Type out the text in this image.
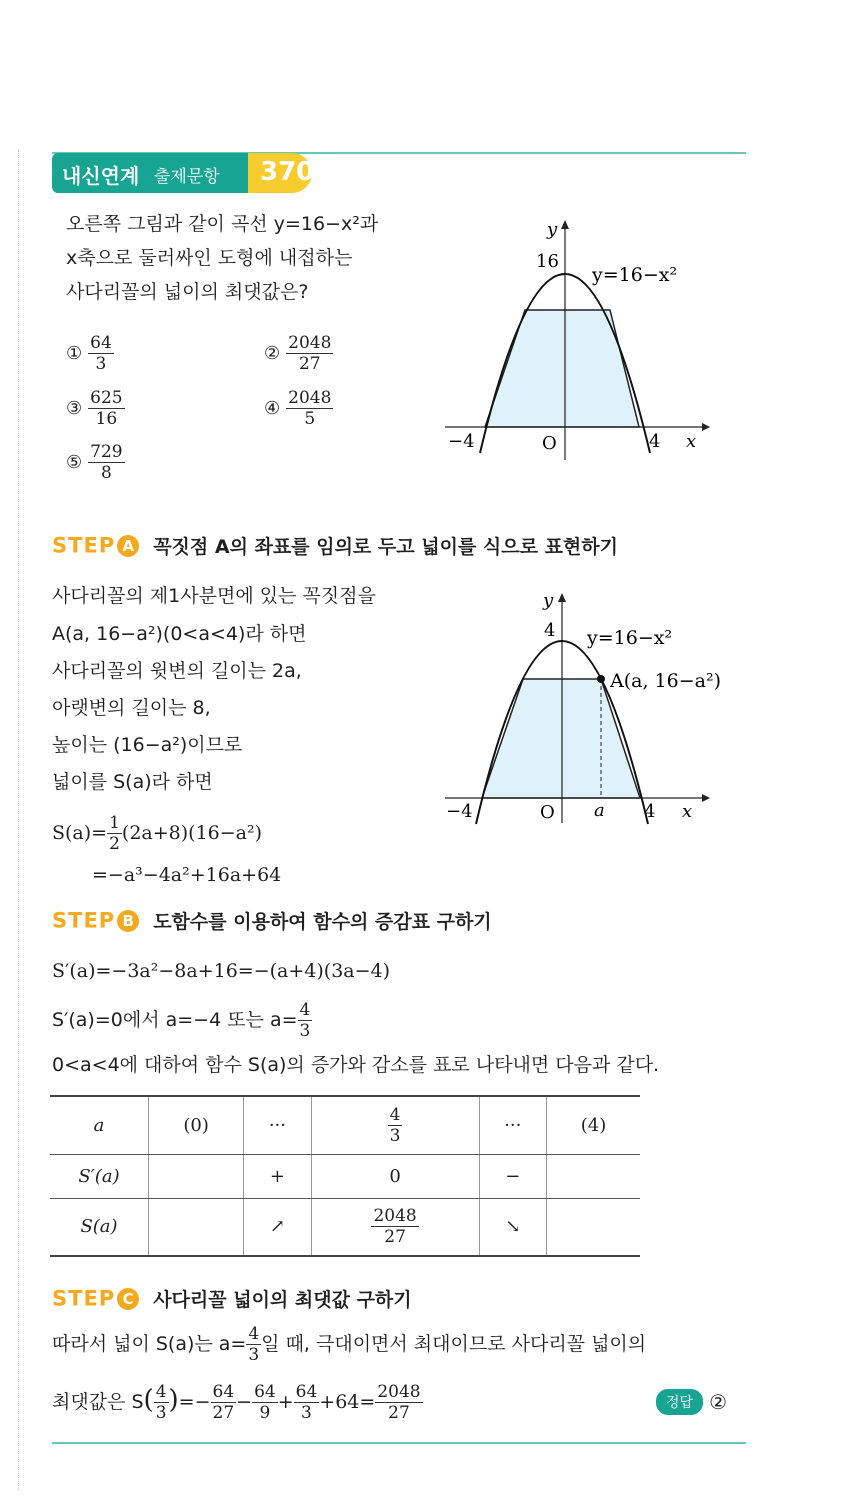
내신연계 출제문항 370
오른쪽 그림과 같이 곡선 y=16−x²과
x축으로 둘러싸인 도형에 내접하는
사다리꼴의 넓이의 최댓값은?
① $\frac{64}{3}$	② $\frac{2048}{27}$
③ $\frac{625}{16}$	④ $\frac{2048}{5}$
⑤ $\frac{729}{8}$
y
16
y=16−x²
−4	O	4 x
STEP A 꼭짓점 A의 좌표를 임의로 두고 넓이를 식으로 표현하기
사다리꼴의 제1사분면에 있는 꼭짓점을
A(a, 16−a²)(0<a<4)라 하면
사다리꼴의 윗변의 길이는 2a,
아랫변의 길이는 8,
높이는 (16−a²)이므로
넓이를 S(a)라 하면
$S(a)= \frac{1}{2} (2a+8)(16-a^2)$
=−a³−4a²+16a+64
y
4 y=16−x²
A(a, 16−a²)
−4	O a 4 x
STEP B 도함수를 이용하여 함수의 증감표 구하기
S′(a)=−3a²−8a+16=−(a+4)(3a−4)
S′(a)=0에서 a=−4 또는 $a= \frac{4}{3}$
0<a<4에 대하여 함수 S(a)의 증가와 감소를 표로 나타내면 다음과 같다.
a	(0)	···	$\frac{4}{3}$	···	(4)
S′(a)		+	0	−	
S(a)		↗	$\frac{2048}{27}$	↘	
STEP C 사다리꼴 넓이의 최댓값 구하기
따라서 넓이 S(a)는 $a= \frac{4}{3}$ 일 때, 극대이면서 최대이므로 사다리꼴 넓이의
최댓값은 $S( \frac{4}{3}$ )=− $\frac{64}{27} - \frac{64}{9} + \frac{64}{3} +64= \frac{2048}{27}$	정답 ②
